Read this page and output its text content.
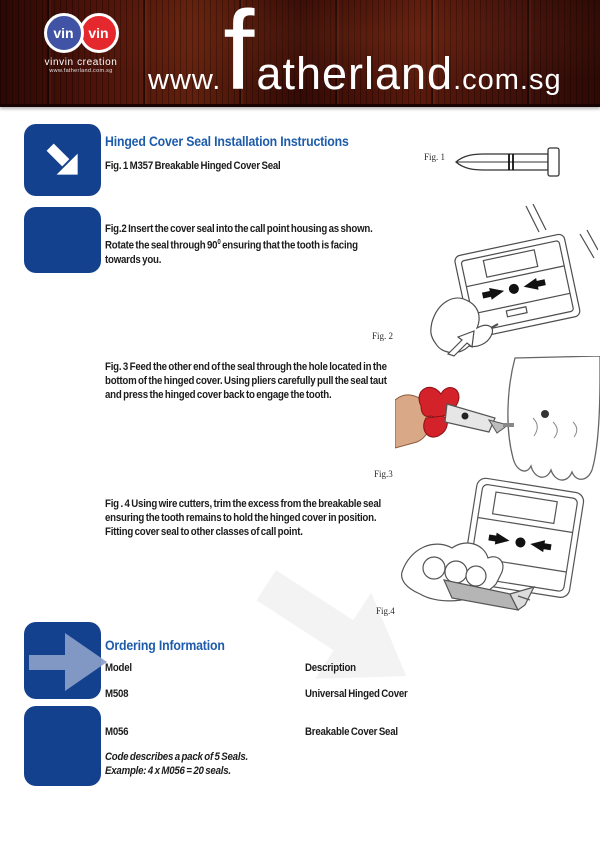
vin vin
vinvin creation
www.fatherland.com.sg	www. f atherland .com.sg
Hinged Cover Seal Installation Instructions
Fig. 1 M357 Breakable Hinged Cover Seal
Fig. 1
Fig.2 Insert the cover seal into the call point housing as shown.
Rotate the seal through $90^0$ ensuring that the tooth is facing
towards you.
Fig. 2
Fig. 3 Feed the other end of the seal through the hole located in the
bottom of the hinged cover. Using pliers carefully pull the seal taut
and press the hinged cover back to engage the tooth.
Fig.3
Fig . 4 Using wire cutters, trim the excess from the breakable seal
ensuring the tooth remains to hold the hinged cover in position.
Fitting cover seal to other classes of call point.
Fig.4
Ordering Information
Model	Description
M508	Universal Hinged Cover
M056	Breakable Cover Seal
Code describes a pack of 5 Seals.
Example: 4 x M056 = 20 seals.
